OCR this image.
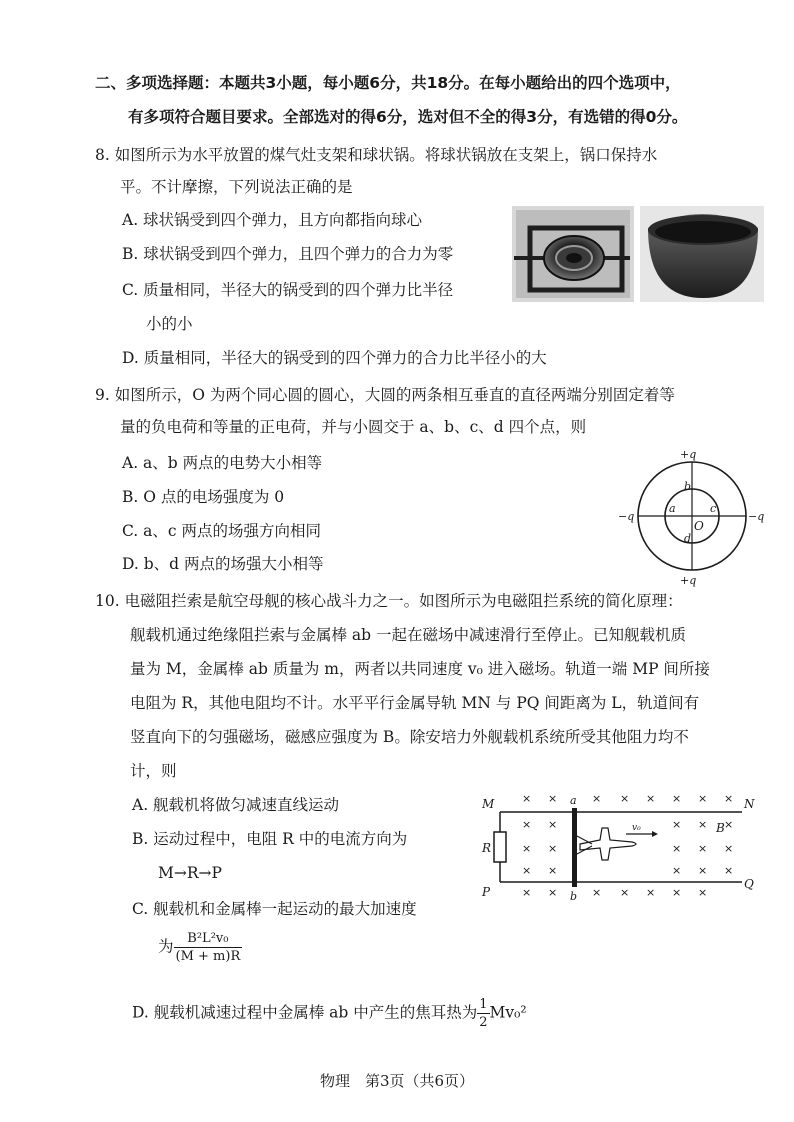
二、多项选择题：本题共3小题，每小题6分，共18分。在每小题给出的四个选项中，
有多项符合题目要求。全部选对的得6分，选对但不全的得3分，有选错的得0分。
8. 如图所示为水平放置的煤气灶支架和球状锅。将球状锅放在支架上，锅口保持水
平。不计摩擦，下列说法正确的是
A. 球状锅受到四个弹力，且方向都指向球心
B. 球状锅受到四个弹力，且四个弹力的合力为零
C. 质量相同，半径大的锅受到的四个弹力比半径
小的小
D. 质量相同，半径大的锅受到的四个弹力的合力比半径小的大
9. 如图所示，O 为两个同心圆的圆心，大圆的两条相互垂直的直径两端分别固定着等
量的负电荷和等量的正电荷，并与小圆交于 a、b、c、d 四个点，则
A. a、b 两点的电势大小相等
B. O 点的电场强度为 0
C. a、c 两点的场强方向相同
D. b、d 两点的场强大小相等
+q
+q
−q	−q
a
b
c
d
O
10. 电磁阻拦索是航空母舰的核心战斗力之一。如图所示为电磁阻拦系统的简化原理：
舰载机通过绝缘阻拦索与金属棒 ab 一起在磁场中减速滑行至停止。已知舰载机质
量为 M，金属棒 ab 质量为 m，两者以共同速度 v₀ 进入磁场。轨道一端 MP 间所接
电阻为 R，其他电阻均不计。水平平行金属导轨 MN 与 PQ 间距离为 L，轨道间有
竖直向下的匀强磁场，磁感应强度为 B。除安培力外舰载机系统所受其他阻力均不
计，则
A. 舰载机将做匀减速直线运动
B. 运动过程中，电阻 R 中的电流方向为
M→R→P
C. 舰载机和金属棒一起运动的最大加速度
为 $\frac{\text{B²L²v₀}}{(M + m)R}$
D. 舰载机减速过程中金属棒 ab 中产生的焦耳热为 $\frac{1}{2} Mv_0^2$
× ×	× × × × × ×
× ×	× × ×
× ×	× × ×
× ×	× × ×
× ×	× × × × ×
M	N
P
Q
R
a
b
B
v₀
物理　第3页（共6页）
